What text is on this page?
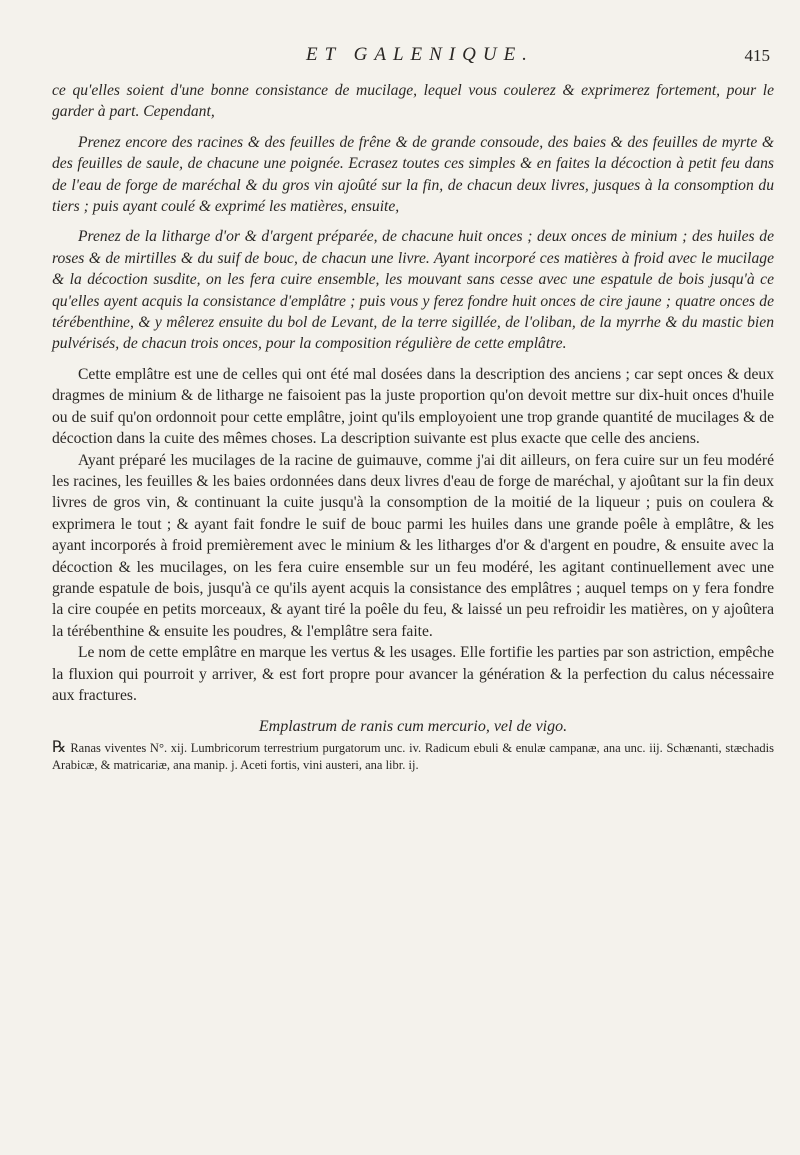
ET GALENIQUE.	415

ce qu'elles soient d'une bonne consistance de mucilage, lequel vous coulerez & exprimerez fortement, pour le garder à part. Cependant,

Prenez encore des racines & des feuilles de frêne & de grande consoude, des baies & des feuilles de myrte & des feuilles de saule, de chacune une poignée. Ecrasez toutes ces simples & en faites la décoction à petit feu dans de l'eau de forge de maréchal & du gros vin ajoûté sur la fin, de chacun deux livres, jusques à la consomption du tiers ; puis ayant coulé & exprimé les matières, ensuite,

Prenez de la litharge d'or & d'argent préparée, de chacune huit onces ; deux onces de minium ; des huiles de roses & de mirtilles & du suif de bouc, de chacun une livre. Ayant incorporé ces matières à froid avec le mucilage & la décoction susdite, on les fera cuire ensemble, les mouvant sans cesse avec une espatule de bois jusqu'à ce qu'elles ayent acquis la consistance d'emplâtre ; puis vous y ferez fondre huit onces de cire jaune ; quatre onces de térébenthine, & y mêlerez ensuite du bol de Levant, de la terre sigillée, de l'oliban, de la myrrhe & du mastic bien pulvérisés, de chacun trois onces, pour la composition régulière de cette emplâtre.

Cette emplâtre est une de celles qui ont été mal dosées dans la description des anciens ; car sept onces & deux dragmes de minium & de litharge ne faisoient pas la juste proportion qu'on devoit mettre sur dix-huit onces d'huile ou de suif qu'on ordonnoit pour cette emplâtre, joint qu'ils employoient une trop grande quantité de mucilages & de décoction dans la cuite des mêmes choses. La description suivante est plus exacte que celle des anciens.

Ayant préparé les mucilages de la racine de guimauve, comme j'ai dit ailleurs, on fera cuire sur un feu modéré les racines, les feuilles & les baies ordonnées dans deux livres d'eau de forge de maréchal, y ajoûtant sur la fin deux livres de gros vin, & continuant la cuite jusqu'à la consomption de la moitié de la liqueur ; puis on coulera & exprimera le tout ; & ayant fait fondre le suif de bouc parmi les huiles dans une grande poêle à emplâtre, & les ayant incorporés à froid premièrement avec le minium & les litharges d'or & d'argent en poudre, & ensuite avec la décoction & les mucilages, on les fera cuire ensemble sur un feu modéré, les agitant continuellement avec une grande espatule de bois, jusqu'à ce qu'ils ayent acquis la consistance des emplâtres ; auquel temps on y fera fondre la cire coupée en petits morceaux, & ayant tiré la poêle du feu, & laissé un peu refroidir les matières, on y ajoûtera la térébenthine & ensuite les poudres, & l'emplâtre sera faite.

Le nom de cette emplâtre en marque les vertus & les usages. Elle fortifie les parties par son astriction, empêche la fluxion qui pourroit y arriver, & est fort propre pour avancer la génération & la perfection du calus nécessaire aux fractures.

Emplastrum de ranis cum mercurio, vel de vigo.

℞ Ranas viventes N°. xij. Lumbricorum terrestrium purgatorum unc. iv. Radicum ebuli & enulæ campanæ, ana unc. iij. Schænanti, stæchadis Arabicæ, & matricariæ, ana manip. j. Aceti fortis, vini austeri, ana libr. ij.
